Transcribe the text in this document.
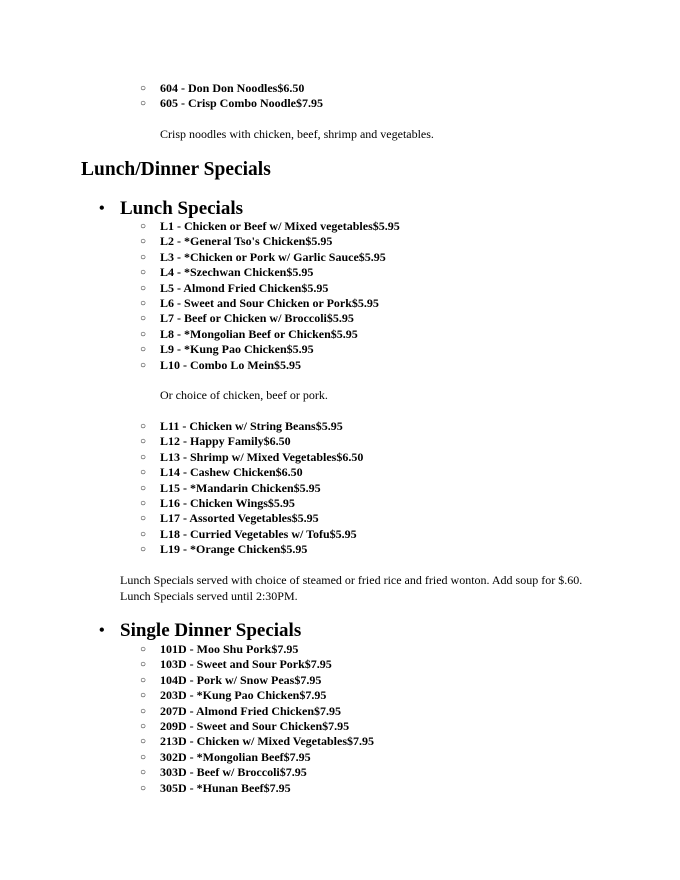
○ 604 - Don Don Noodles$6.50
○ 605 - Crisp Combo Noodle$7.95
Crisp noodles with chicken, beef, shrimp and vegetables.
Lunch/Dinner Specials
• Lunch Specials
○ L1 - Chicken or Beef w/ Mixed vegetables$5.95
○ L2 - *General Tso's Chicken$5.95
○ L3 - *Chicken or Pork w/ Garlic Sauce$5.95
○ L4 - *Szechwan Chicken$5.95
○ L5 - Almond Fried Chicken$5.95
○ L6 - Sweet and Sour Chicken or Pork$5.95
○ L7 - Beef or Chicken w/ Broccoli$5.95
○ L8 - *Mongolian Beef or Chicken$5.95
○ L9 - *Kung Pao Chicken$5.95
○ L10 - Combo Lo Mein$5.95
Or choice of chicken, beef or pork.
○ L11 - Chicken w/ String Beans$5.95
○ L12 - Happy Family$6.50
○ L13 - Shrimp w/ Mixed Vegetables$6.50
○ L14 - Cashew Chicken$6.50
○ L15 - *Mandarin Chicken$5.95
○ L16 - Chicken Wings$5.95
○ L17 - Assorted Vegetables$5.95
○ L18 - Curried Vegetables w/ Tofu$5.95
○ L19 - *Orange Chicken$5.95
Lunch Specials served with choice of steamed or fried rice and fried wonton. Add soup for $.60. Lunch Specials served until 2:30PM.
• Single Dinner Specials
○ 101D - Moo Shu Pork$7.95
○ 103D - Sweet and Sour Pork$7.95
○ 104D - Pork w/ Snow Peas$7.95
○ 203D - *Kung Pao Chicken$7.95
○ 207D - Almond Fried Chicken$7.95
○ 209D - Sweet and Sour Chicken$7.95
○ 213D - Chicken w/ Mixed Vegetables$7.95
○ 302D - *Mongolian Beef$7.95
○ 303D - Beef w/ Broccoli$7.95
○ 305D - *Hunan Beef$7.95
